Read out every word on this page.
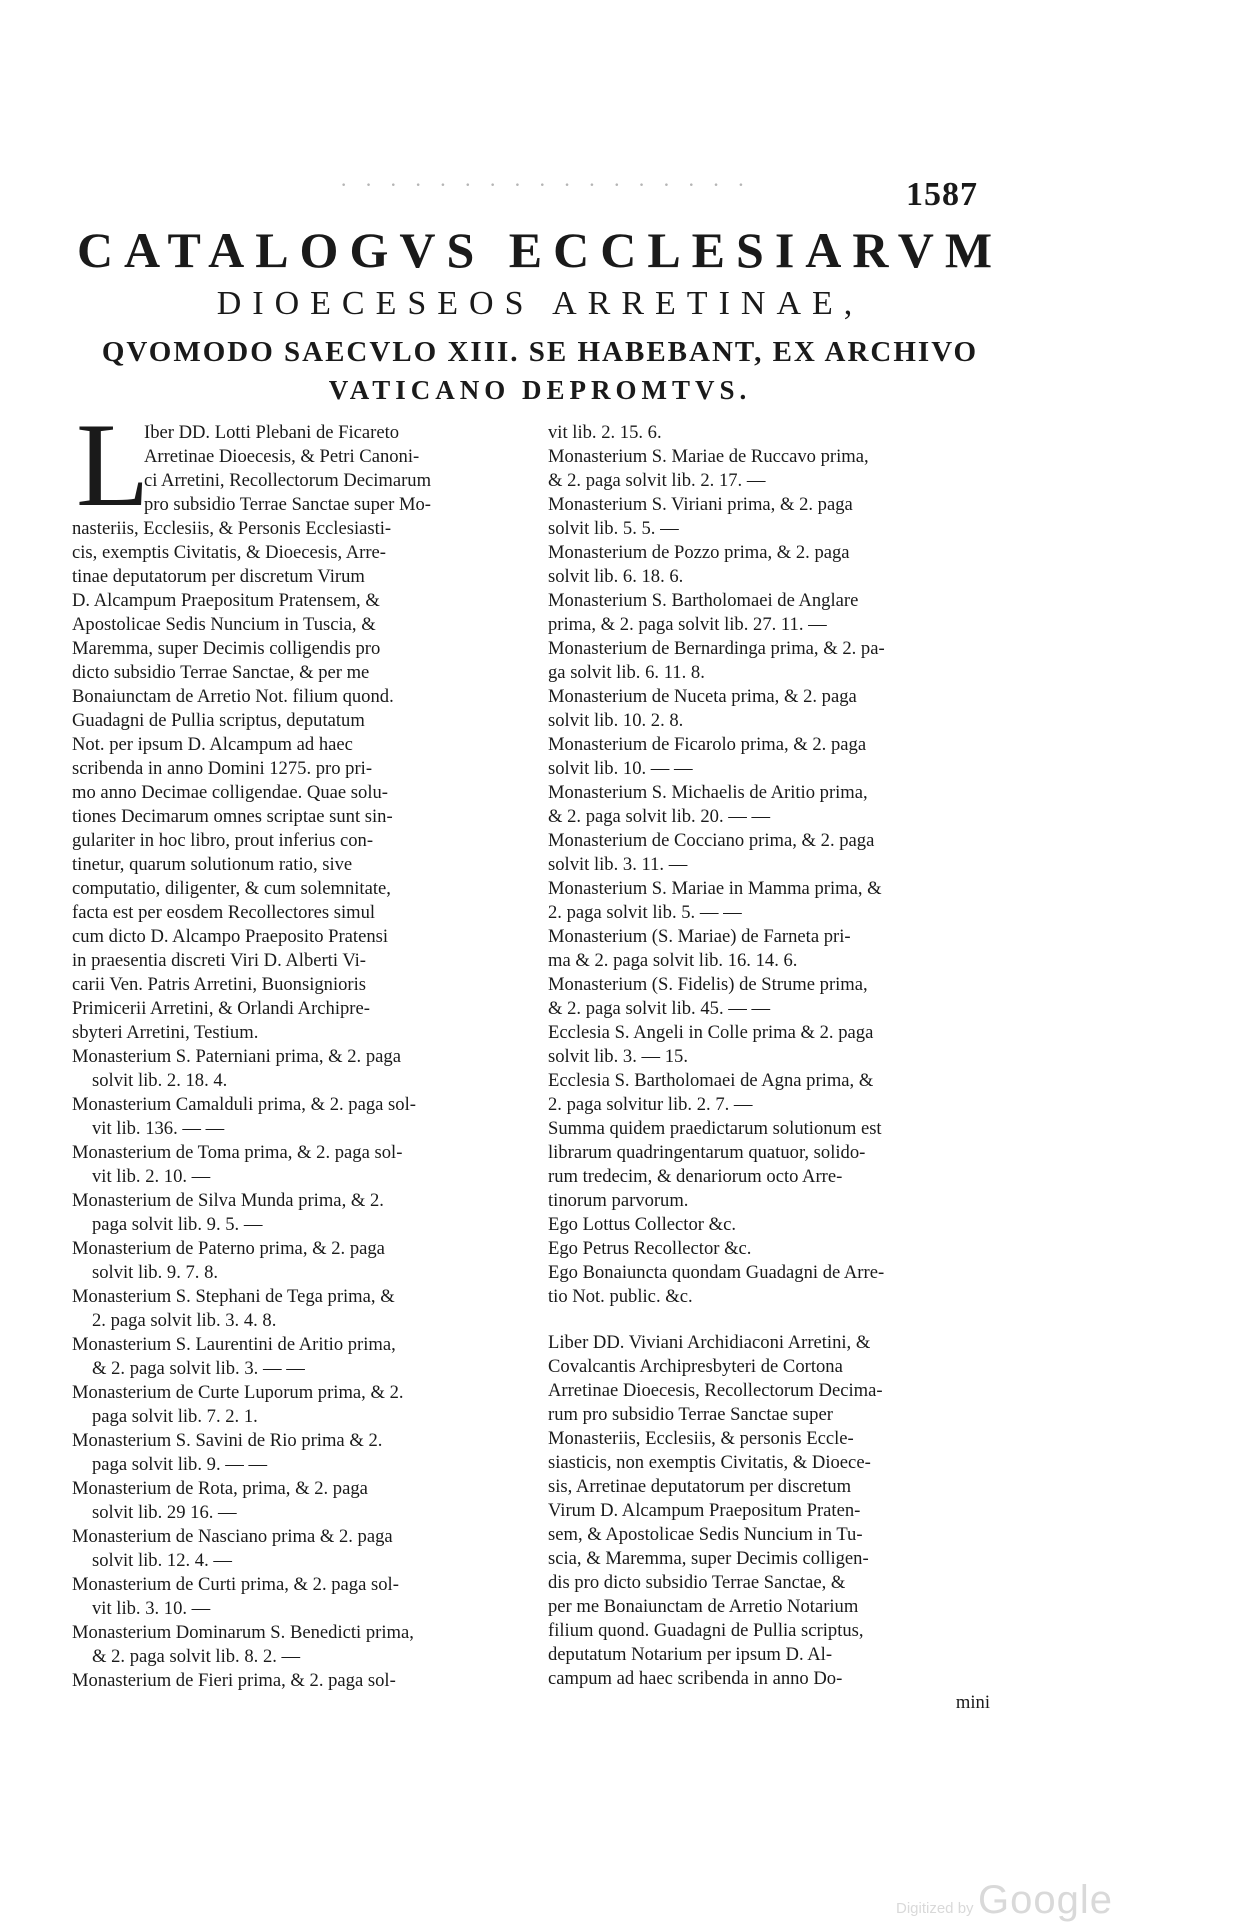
· · · · · · · · · · · · · · · · ·	1587
CATALOGVS ECCLESIARVM
DIOECESEOS ARRETINAE,
QVOMODO SAECVLO XIII. SE HABEBANT, EX ARCHIVO
VATICANO DEPROMTVS.
L
Iber DD. Lotti Plebani de Ficareto
Arretinae Dioecesis, & Petri Canoni-
ci Arretini, Recollectorum Decimarum
pro subsidio Terrae Sanctae super Mo-
nasteriis, Ecclesiis, & Personis Ecclesiasti-
cis, exemptis Civitatis, & Dioecesis, Arre-
tinae deputatorum per discretum Virum
D. Alcampum Praepositum Pratensem, &
Apostolicae Sedis Nuncium in Tuscia, &
Maremma, super Decimis colligendis pro
dicto subsidio Terrae Sanctae, & per me
Bonaiunctam de Arretio Not. filium quond.
Guadagni de Pullia scriptus, deputatum
Not. per ipsum D. Alcampum ad haec
scribenda in anno Domini 1275. pro pri-
mo anno Decimae colligendae. Quae solu-
tiones Decimarum omnes scriptae sunt sin-
gulariter in hoc libro, prout inferius con-
tinetur, quarum solutionum ratio, sive
computatio, diligenter, & cum solemnitate,
facta est per eosdem Recollectores simul
cum dicto D. Alcampo Praeposito Pratensi
in praesentia discreti Viri D. Alberti Vi-
carii Ven. Patris Arretini, Buonsignioris
Primicerii Arretini, & Orlandi Archipre-
sbyteri Arretini, Testium.
Monasterium S. Paterniani prima, & 2. paga
solvit lib. 2. 18. 4.
Monasterium Camalduli prima, & 2. paga sol-
vit lib. 136. — —
Monasterium de Toma prima, & 2. paga sol-
vit lib. 2. 10. —
Monasterium de Silva Munda prima, & 2.
paga solvit lib. 9. 5. —
Monasterium de Paterno prima, & 2. paga
solvit lib. 9. 7. 8.
Monasterium S. Stephani de Tega prima, &
2. paga solvit lib. 3. 4. 8.
Monasterium S. Laurentini de Aritio prima,
& 2. paga solvit lib. 3. — —
Monasterium de Curte Luporum prima, & 2.
paga solvit lib. 7. 2. 1.
Monasterium S. Savini de Rio prima & 2.
paga solvit lib. 9. — —
Monasterium de Rota, prima, & 2. paga
solvit lib. 29 16. —
Monasterium de Nasciano prima & 2. paga
solvit lib. 12. 4. —
Monasterium de Curti prima, & 2. paga sol-
vit lib. 3. 10. —
Monasterium Dominarum S. Benedicti prima,
& 2. paga solvit lib. 8. 2. —
Monasterium de Fieri prima, & 2. paga sol-
vit lib. 2. 15. 6.
Monasterium S. Mariae de Ruccavo prima,
& 2. paga solvit lib. 2. 17. —
Monasterium S. Viriani prima, & 2. paga
solvit lib. 5. 5. —
Monasterium de Pozzo prima, & 2. paga
solvit lib. 6. 18. 6.
Monasterium S. Bartholomaei de Anglare
prima, & 2. paga solvit lib. 27. 11. —
Monasterium de Bernardinga prima, & 2. pa-
ga solvit lib. 6. 11. 8.
Monasterium de Nuceta prima, & 2. paga
solvit lib. 10. 2. 8.
Monasterium de Ficarolo prima, & 2. paga
solvit lib. 10. — —
Monasterium S. Michaelis de Aritio prima,
& 2. paga solvit lib. 20. — —
Monasterium de Cocciano prima, & 2. paga
solvit lib. 3. 11. —
Monasterium S. Mariae in Mamma prima, &
2. paga solvit lib. 5. — —
Monasterium (S. Mariae) de Farneta pri-
ma & 2. paga solvit lib. 16. 14. 6.
Monasterium (S. Fidelis) de Strume prima,
& 2. paga solvit lib. 45. — —
Ecclesia S. Angeli in Colle prima & 2. paga
solvit lib. 3. — 15.
Ecclesia S. Bartholomaei de Agna prima, &
2. paga solvitur lib. 2. 7. —
Summa quidem praedictarum solutionum est
librarum quadringentarum quatuor, solido-
rum tredecim, & denariorum octo Arre-
tinorum parvorum.
Ego Lottus Collector &c.
Ego Petrus Recollector &c.
Ego Bonaiuncta quondam Guadagni de Arre-
tio Not. public. &c.
Liber DD. Viviani Archidiaconi Arretini, &
Covalcantis Archipresbyteri de Cortona
Arretinae Dioecesis, Recollectorum Decima-
rum pro subsidio Terrae Sanctae super
Monasteriis, Ecclesiis, & personis Eccle-
siasticis, non exemptis Civitatis, & Dioece-
sis, Arretinae deputatorum per discretum
Virum D. Alcampum Praepositum Praten-
sem, & Apostolicae Sedis Nuncium in Tu-
scia, & Maremma, super Decimis colligen-
dis pro dicto subsidio Terrae Sanctae, &
per me Bonaiunctam de Arretio Notarium
filium quond. Guadagni de Pullia scriptus,
deputatum Notarium per ipsum D. Al-
campum ad haec scribenda in anno Do-
mini
Digitized by Google
